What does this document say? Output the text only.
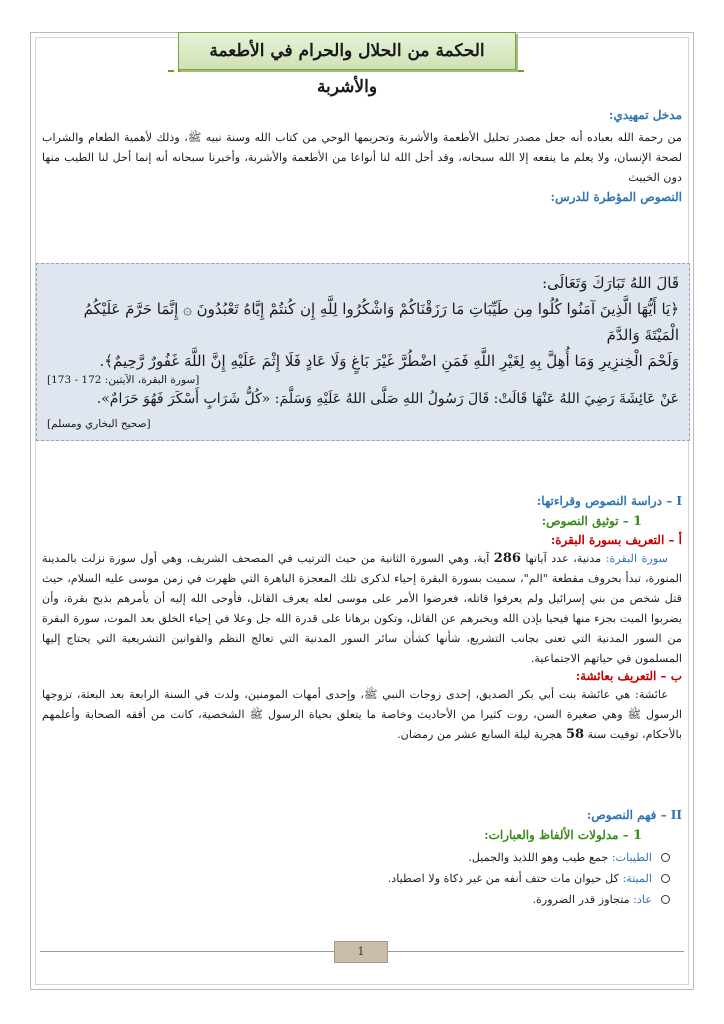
الحكمة من الحلال والحرام في الأطعمة والأشربة

مدخل تمهيدي:

من رحمة الله بعباده أنه جعل مصدر تحليل الأطعمة والأشربة وتحريمها الوحي من كتاب الله وسنة نبيه ﷺ، وذلك لأهمية الطعام والشراب لصحة الإنسان، ولا يعلم ما ينفعه إلا الله سبحانه، وقد أحل الله لنا أنواعا من الأطعمة والأشربة، وأخبرنا سبحانه أنه إنما أحل لنا الطيب منها دون الخبيث

النصوص المؤطرة للدرس:

قَالَ اللهُ تَبَارَكَ وَتَعَالَى:

﴿يَا أَيُّهَا الَّذِينَ آمَنُوا كُلُوا مِن طَيِّبَاتِ مَا رَزَقْنَاكُمْ وَاشْكُرُوا لِلَّهِ إِن كُنتُمْ إِيَّاهُ تَعْبُدُونَ ۞ إِنَّمَا حَرَّمَ عَلَيْكُمُ الْمَيْتَةَ وَالدَّمَ

وَلَحْمَ الْخِنزِيرِ وَمَا أُهِلَّ بِهِ لِغَيْرِ اللَّهِ فَمَنِ اضْطُرَّ غَيْرَ بَاغٍ وَلَا عَادٍ فَلَا إِثْمَ عَلَيْهِ إِنَّ اللَّهَ غَفُورٌ رَّحِيمٌ﴾.

[سورة البقرة، الآيتين: 172 - 173]

عَنْ عَائِشَةَ رَضِيَ اللهُ عَنْهَا قَالَتْ: قَالَ رَسُولُ اللهِ صَلَّى اللهُ عَلَيْهِ وَسَلَّمَ: «كُلُّ شَرَابٍ أَسْكَرَ فَهُوَ حَرَامٌ».

[صحيح البخاري ومسلم]

I – دراسة النصوص وقراءتها:

1 – توثيق النصوص:

أ – التعريف بسورة البقرة:

سورة البقرة: مدنية، عدد آياتها 286 آية، وهي السورة الثانية من حيث الترتيب في المصحف الشريف، وهي أول سورة نزلت بالمدينة المنورة، تبدأ بحروف مقطعة "الم"، سميت بسورة البقرة إحياء لذكرى تلك المعجزة الباهرة التي ظهرت في زمن موسى عليه السلام، حيث قتل شخص من بني إسرائيل ولم يعرفوا قاتله، فعرضوا الأمر على موسى لعله يعرف القاتل، فأوحى الله إليه أن يأمرهم بذبح بقرة، وأن يضربوا الميت بجزء منها فيحيا بإذن الله ويخبرهم عن القاتل، وتكون برهانا على قدرة الله جل وعلا في إحياء الخلق بعد الموت، سورة البقرة من السور المدنية التي تعنى بجانب التشريع، شأنها كشأن سائر السور المدنية التي تعالج النظم والقوانين التشريعية التي يحتاج إليها المسلمون في حياتهم الاجتماعية.

ب – التعريف بعائشة:

عائشة: هي عائشة بنت أبي بكر الصديق، إحدى زوجات النبي ﷺ، وإحدى أمهات المومنين، ولدت في السنة الرابعة بعد البعثة، تزوجها الرسول ﷺ وهي صغيرة السن، روت كثيرا من الأحاديث وخاصة ما يتعلق بحياة الرسول ﷺ الشخصية، كانت من أفقه الصحابة وأعلمهم بالأحكام، توفيت سنة 58 هجرية ليلة السابع عشر من رمضان.

II – فهم النصوص:

1 – مدلولات الألفاظ والعبارات:

الطيبات: جمع طيب وهو اللذيذ والجميل.

الميتة: كل حيوان مات حتف أنفه من غير ذكاة ولا اصطياد.

عاد: متجاوز قدر الضرورة.

1
